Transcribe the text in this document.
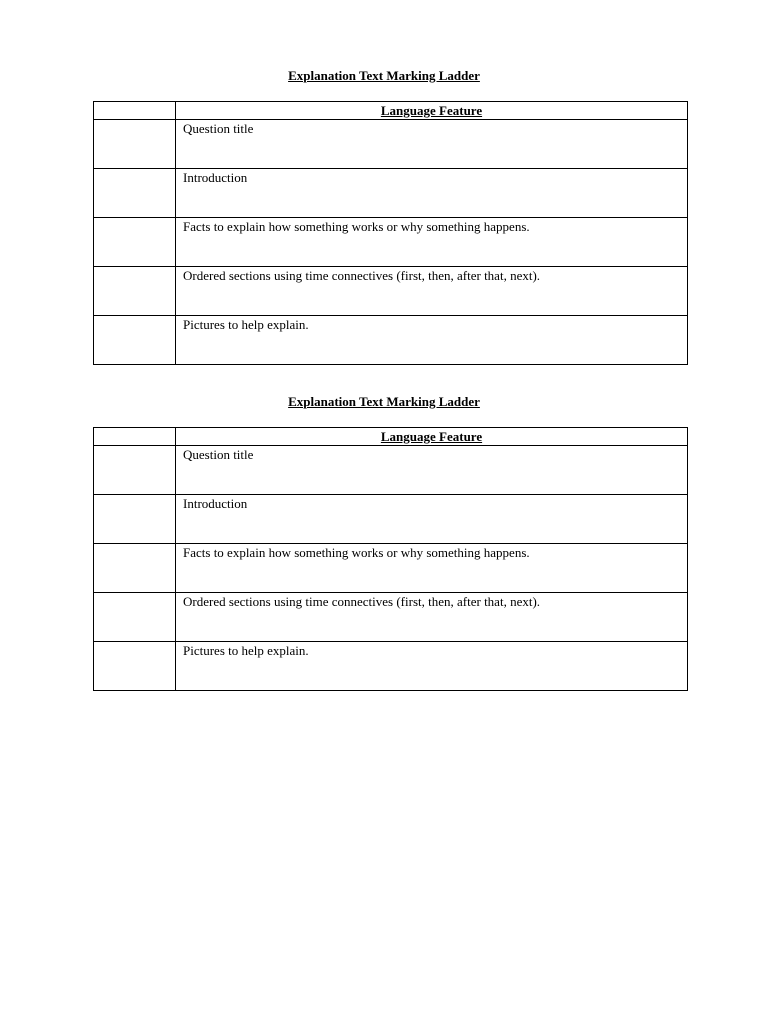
Explanation Text Marking Ladder
	Language Feature
	Question title
	Introduction
	Facts to explain how something works or why something happens.
	Ordered sections using time connectives (first, then, after that, next).
	Pictures to help explain.
Explanation Text Marking Ladder
	Language Feature
	Question title
	Introduction
	Facts to explain how something works or why something happens.
	Ordered sections using time connectives (first, then, after that, next).
	Pictures to help explain.
